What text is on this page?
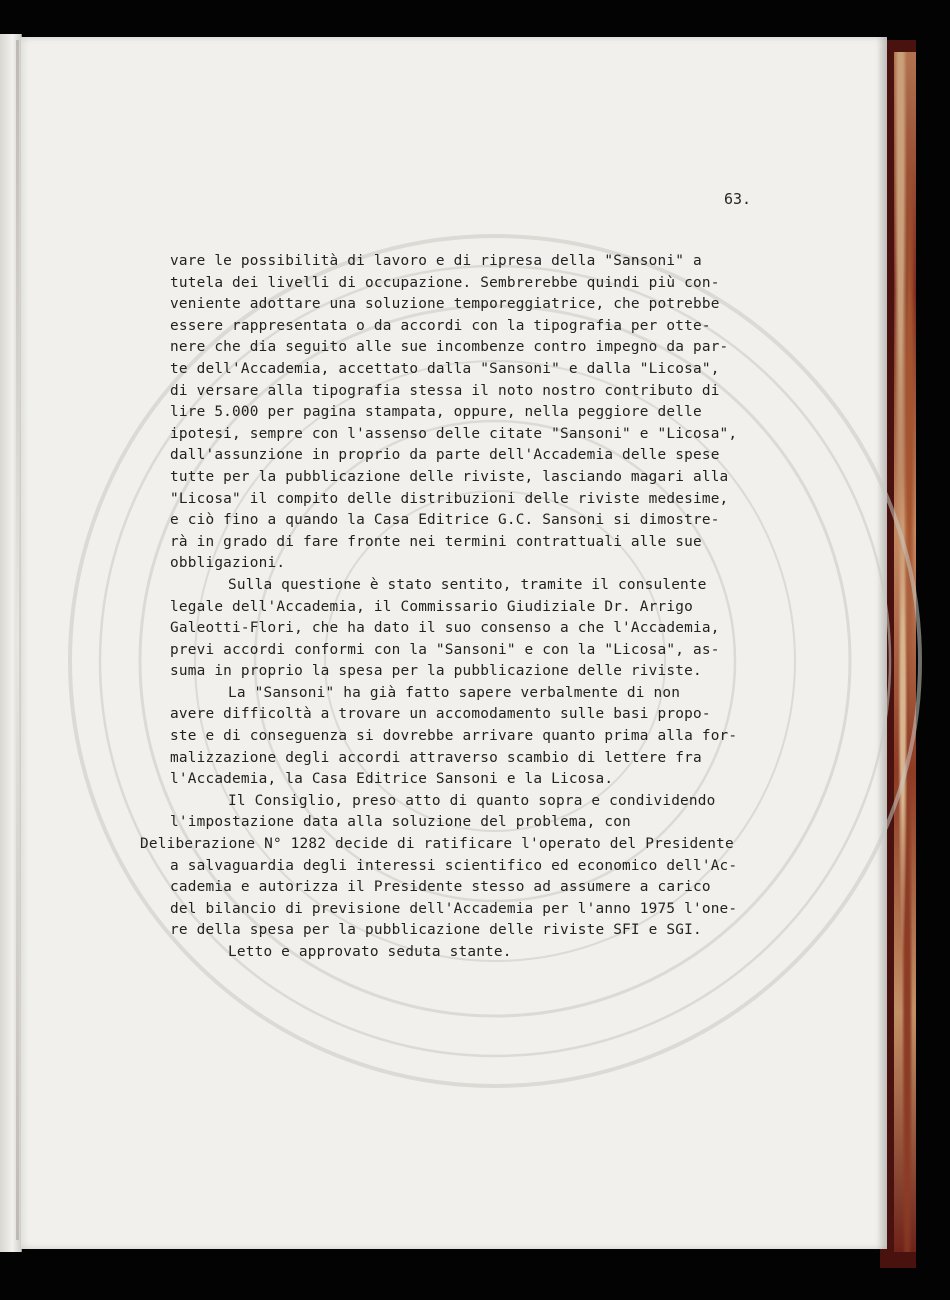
63.
vare le possibilità di lavoro e di ripresa della "Sansoni" a
tutela dei livelli di occupazione. Sembrerebbe quindi più con-
veniente adottare una soluzione temporeggiatrice, che potrebbe
essere rappresentata o da accordi con la tipografia per otte-
nere che dia seguito alle sue incombenze contro impegno da par-
te dell'Accademia, accettato dalla "Sansoni" e dalla "Licosa",
di versare alla tipografia stessa il noto nostro contributo di
lire 5.000 per pagina stampata, oppure, nella peggiore delle
ipotesi, sempre con l'assenso delle citate "Sansoni" e "Licosa",
dall'assunzione in proprio da parte dell'Accademia delle spese
tutte per la pubblicazione delle riviste, lasciando magari alla
"Licosa" il compito delle distribuzioni delle riviste medesime,
e ciò fino a quando la Casa Editrice G.C. Sansoni si dimostre-
rà in grado di fare fronte nei termini contrattuali alle sue
obbligazioni.
Sulla questione è stato sentito, tramite il consulente
legale dell'Accademia, il Commissario Giudiziale Dr. Arrigo
Galeotti-Flori, che ha dato il suo consenso a che l'Accademia,
previ accordi conformi con la "Sansoni" e con la "Licosa", as-
suma in proprio la spesa per la pubblicazione delle riviste.
La "Sansoni" ha già fatto sapere verbalmente di non
avere difficoltà a trovare un accomodamento sulle basi propo-
ste e di conseguenza si dovrebbe arrivare quanto prima alla for-
malizzazione degli accordi attraverso scambio di lettere fra
l'Accademia, la Casa Editrice Sansoni e la Licosa.
Il Consiglio, preso atto di quanto sopra e condividendo
l'impostazione data alla soluzione del problema, con
Deliberazione N° 1282 decide di ratificare l'operato del Presidente
a salvaguardia degli interessi scientifico ed economico dell'Ac-
cademia e autorizza il Presidente stesso ad assumere a carico
del bilancio di previsione dell'Accademia per l'anno 1975 l'one-
re della spesa per la pubblicazione delle riviste SFI e SGI.
Letto e approvato seduta stante.
